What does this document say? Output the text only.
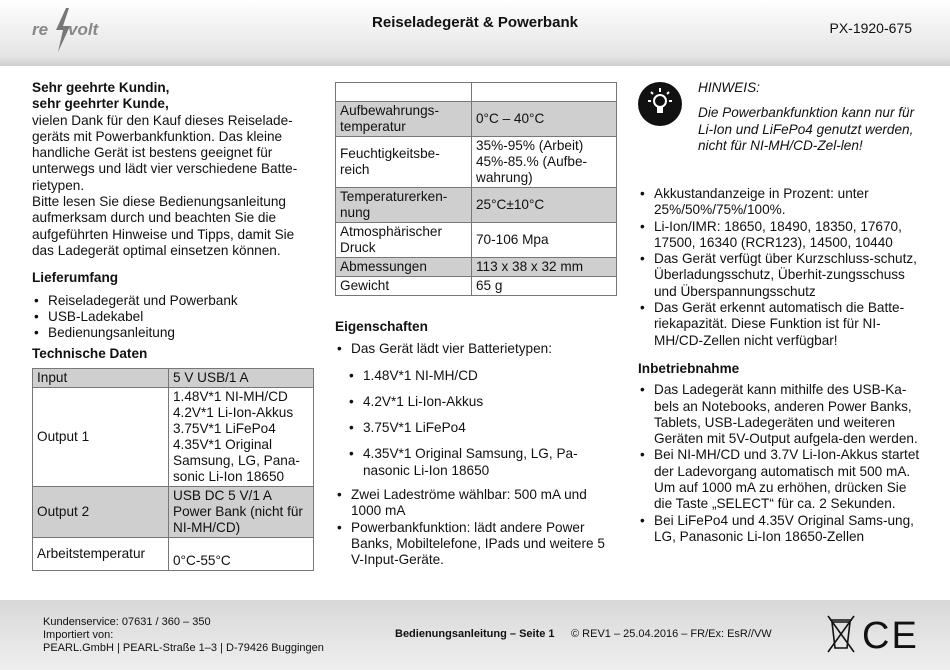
re volt	Reiseladegerät & Powerbank	PX-1920-675
Sehr geehrte Kundin,
sehr geehrter Kunde,

vielen Dank für den Kauf dieses Reiselade-geräts mit Powerbankfunktion. Das kleine handliche Gerät ist bestens geeignet für unterwegs und lädt vier verschiedene Batte-rietypen.

Bitte lesen Sie diese Bedienungsanleitung aufmerksam durch und beachten Sie die aufgeführten Hinweise und Tipps, damit Sie das Ladegerät optimal einsetzen können.

Lieferumfang
• Reiseladegerät und Powerbank
• USB-Ladekabel
• Bedienungsanleitung
Technische Daten
Input	5 V USB/1 A
Output 1	1.48V*1 NI-MH/CD
4.2V*1 Li-Ion-Akkus
3.75V*1 LiFePo4
4.35V*1 Original Samsung, LG, Pana-sonic Li-Ion 18650
Output 2	USB DC 5 V/1 A Power Bank (nicht für NI-MH/CD)
Arbeitstemperatur	0°C-55°C

Aufbewahrungs-temperatur	0°C – 40°C
Feuchtigkeitsbe-reich	35%-95% (Arbeit)
45%-85.% (Aufbe-wahrung)
Temperaturerken-nung	25°C±10°C
Atmosphärischer Druck	70-106 Mpa
Abmessungen	113 x 38 x 32 mm
Gewicht	65 g
Eigenschaften
• Das Gerät lädt vier Batterietypen:
• 1.48V*1 NI-MH/CD
• 4.2V*1 Li-Ion-Akkus
• 3.75V*1 LiFePo4
• 4.35V*1 Original Samsung, LG, Pa-nasonic Li-Ion 18650
• Zwei Ladeströme wählbar: 500 mA und 1000 mA
• Powerbankfunktion: lädt andere Power Banks, Mobiltelefone, IPads und weitere 5 V-Input-Geräte.

HINWEIS:

Die Powerbankfunktion kann nur für Li-Ion und LiFePo4 genutzt werden, nicht für NI-MH/CD-Zel-len!

• Akkustandanzeige in Prozent: unter 25%/50%/75%/100%.
• Li-Ion/IMR: 18650, 18490, 18350, 17670, 17500, 16340 (RCR123), 14500, 10440
• Das Gerät verfügt über Kurzschluss-schutz, Überladungsschutz, Überhit-zungsschuss und Überspannungsschutz
• Das Gerät erkennt automatisch die Batte-riekapazität. Diese Funktion ist für NI-MH/CD-Zellen nicht verfügbar!
Inbetriebnahme
• Das Ladegerät kann mithilfe des USB-Ka-bels an Notebooks, anderen Power Banks, Tablets, USB-Ladegeräten und weiteren Geräten mit 5V-Output aufgela-den werden.
• Bei NI-MH/CD und 3.7V Li-Ion-Akkus startet der Ladevorgang automatisch mit 500 mA. Um auf 1000 mA zu erhöhen, drücken Sie die Taste „SELECT“ für ca. 2 Sekunden.
• Bei LiFePo4 und 4.35V Original Sams-ung, LG, Panasonic Li-Ion 18650-Zellen
Kundenservice: 07631 / 360 – 350
Importiert von:
PEARL.GmbH | PEARL-Straße 1–3 | D-79426 Buggingen
Bedienungsanleitung – Seite 1 © REV1 – 25.04.2016 – FR/Ex: EsR//VW CE
